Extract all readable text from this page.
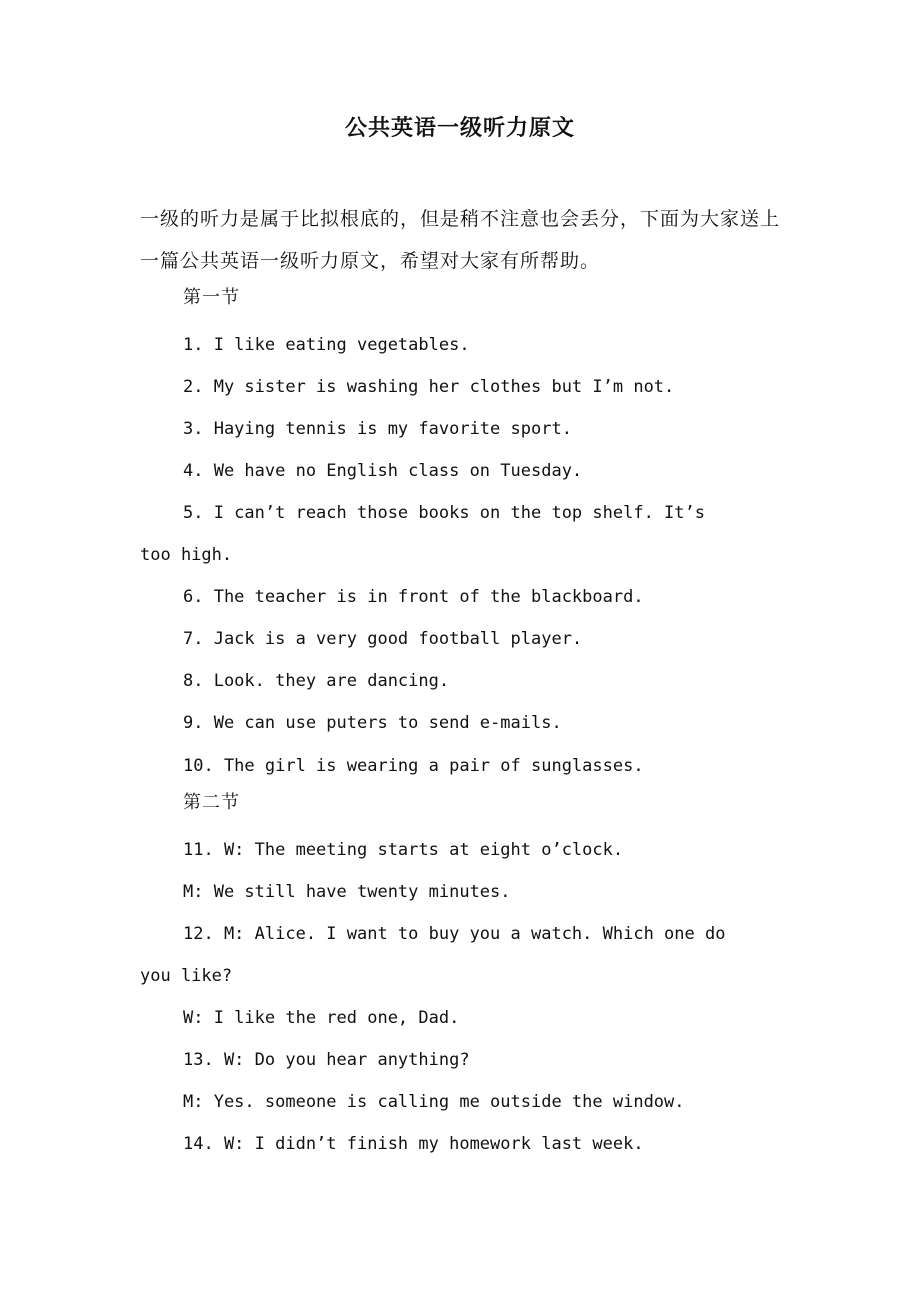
公共英语一级听力原文

一级的听力是属于比拟根底的，但是稍不注意也会丢分，下面为大家送上一篇公共英语一级听力原文，希望对大家有所帮助。

第一节

1. I like eating vegetables.

2. My sister is washing her clothes but I’m not.

3. Haying tennis is my favorite sport.

4. We have no English class on Tuesday.

5. I can’t reach those books on the top shelf. It’s

too high.

6. The teacher is in front of the blackboard.

7. Jack is a very good football player.

8. Look. they are dancing.

9. We can use puters to send e-mails.

10. The girl is wearing a pair of sunglasses.

第二节

11. W: The meeting starts at eight o’clock.

M: We still have twenty minutes.

12. M: Alice. I want to buy you a watch. Which one do

you like?

W: I like the red one, Dad.

13. W: Do you hear anything?

M: Yes. someone is calling me outside the window.

14. W: I didn’t finish my homework last week.
